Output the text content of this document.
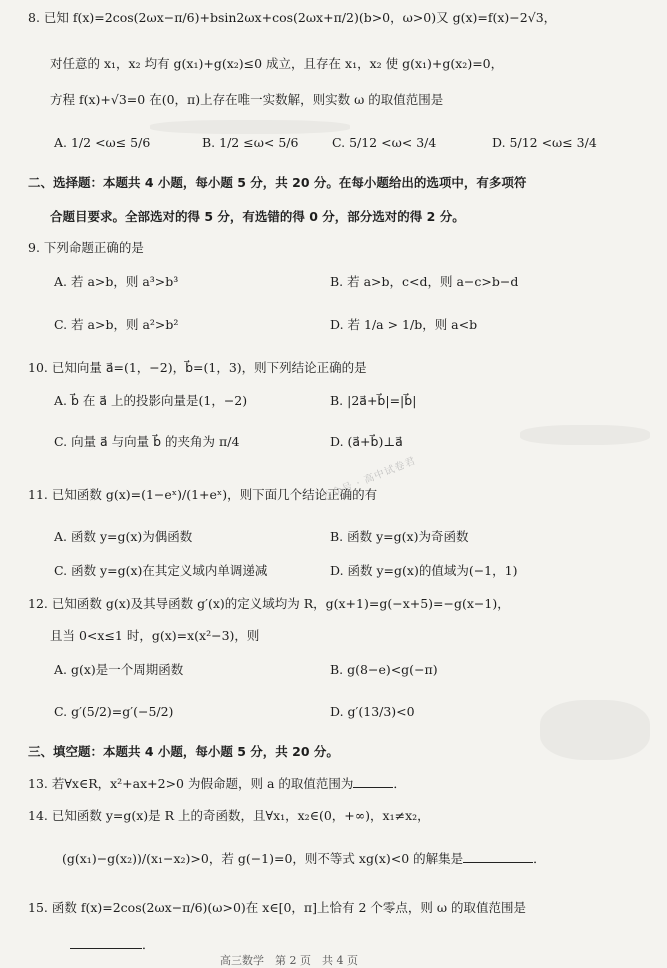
8. 已知 f(x)=2cos(2ωx−π/6)+bsin2ωx+cos(2ωx+π/2)(b>0，ω>0)又 g(x)=f(x)−2√3，
对任意的 x₁，x₂ 均有 g(x₁)+g(x₂)≤0 成立，且存在 x₁，x₂ 使 g(x₁)+g(x₂)=0，
方程 f(x)+√3=0 在(0，π)上存在唯一实数解，则实数 ω 的取值范围是
A. 1/2 <ω≤ 5/6	B. 1/2 ≤ω< 5/6	C. 5/12 <ω< 3/4	D. 5/12 <ω≤ 3/4
二、选择题：本题共 4 小题，每小题 5 分，共 20 分。在每小题给出的选项中，有多项符
合题目要求。全部选对的得 5 分，有选错的得 0 分，部分选对的得 2 分。
9. 下列命题正确的是
A. 若 a>b，则 a³>b³	B. 若 a>b，c<d，则 a−c>b−d
C. 若 a>b，则 a²>b²	D. 若 1/a > 1/b，则 a<b
10. 已知向量 a⃗=(1，−2)，b⃗=(1，3)，则下列结论正确的是
A. b⃗ 在 a⃗ 上的投影向量是(1，−2)	B. |2a⃗+b⃗|=|b⃗|
C. 向量 a⃗ 与向量 b⃗ 的夹角为 π/4	D. (a⃗+b⃗)⊥a⃗
11. 已知函数 g(x)=(1−eˣ)/(1+eˣ)，则下面几个结论正确的有
A. 函数 y=g(x)为偶函数	B. 函数 y=g(x)为奇函数
C. 函数 y=g(x)在其定义域内单调递减	D. 函数 y=g(x)的值域为(−1，1)
12. 已知函数 g(x)及其导函数 g′(x)的定义域均为 R，g(x+1)=g(−x+5)=−g(x−1)，
且当 0<x≤1 时，g(x)=x(x²−3)，则
A. g(x)是一个周期函数	B. g(8−e)<g(−π)
C. g′(5/2)=g′(−5/2)	D. g′(13/3)<0
三、填空题：本题共 4 小题，每小题 5 分，共 20 分。
13. 若∀x∈R，x²+ax+2>0 为假命题，则 a 的取值范围为	．
14. 已知函数 y=g(x)是 R 上的奇函数，且∀x₁，x₂∈(0，+∞)，x₁≠x₂，
(g(x₁)−g(x₂))/(x₁−x₂)>0，若 g(−1)=0，则不等式 xg(x)<0 的解集是	．
15. 函数 f(x)=2cos(2ωx−π/6)(ω>0)在 x∈[0，π]上恰有 2 个零点，则 ω 的取值范围是
．
公众号 · 高中试卷君
高三数学　第 2 页　共 4 页
